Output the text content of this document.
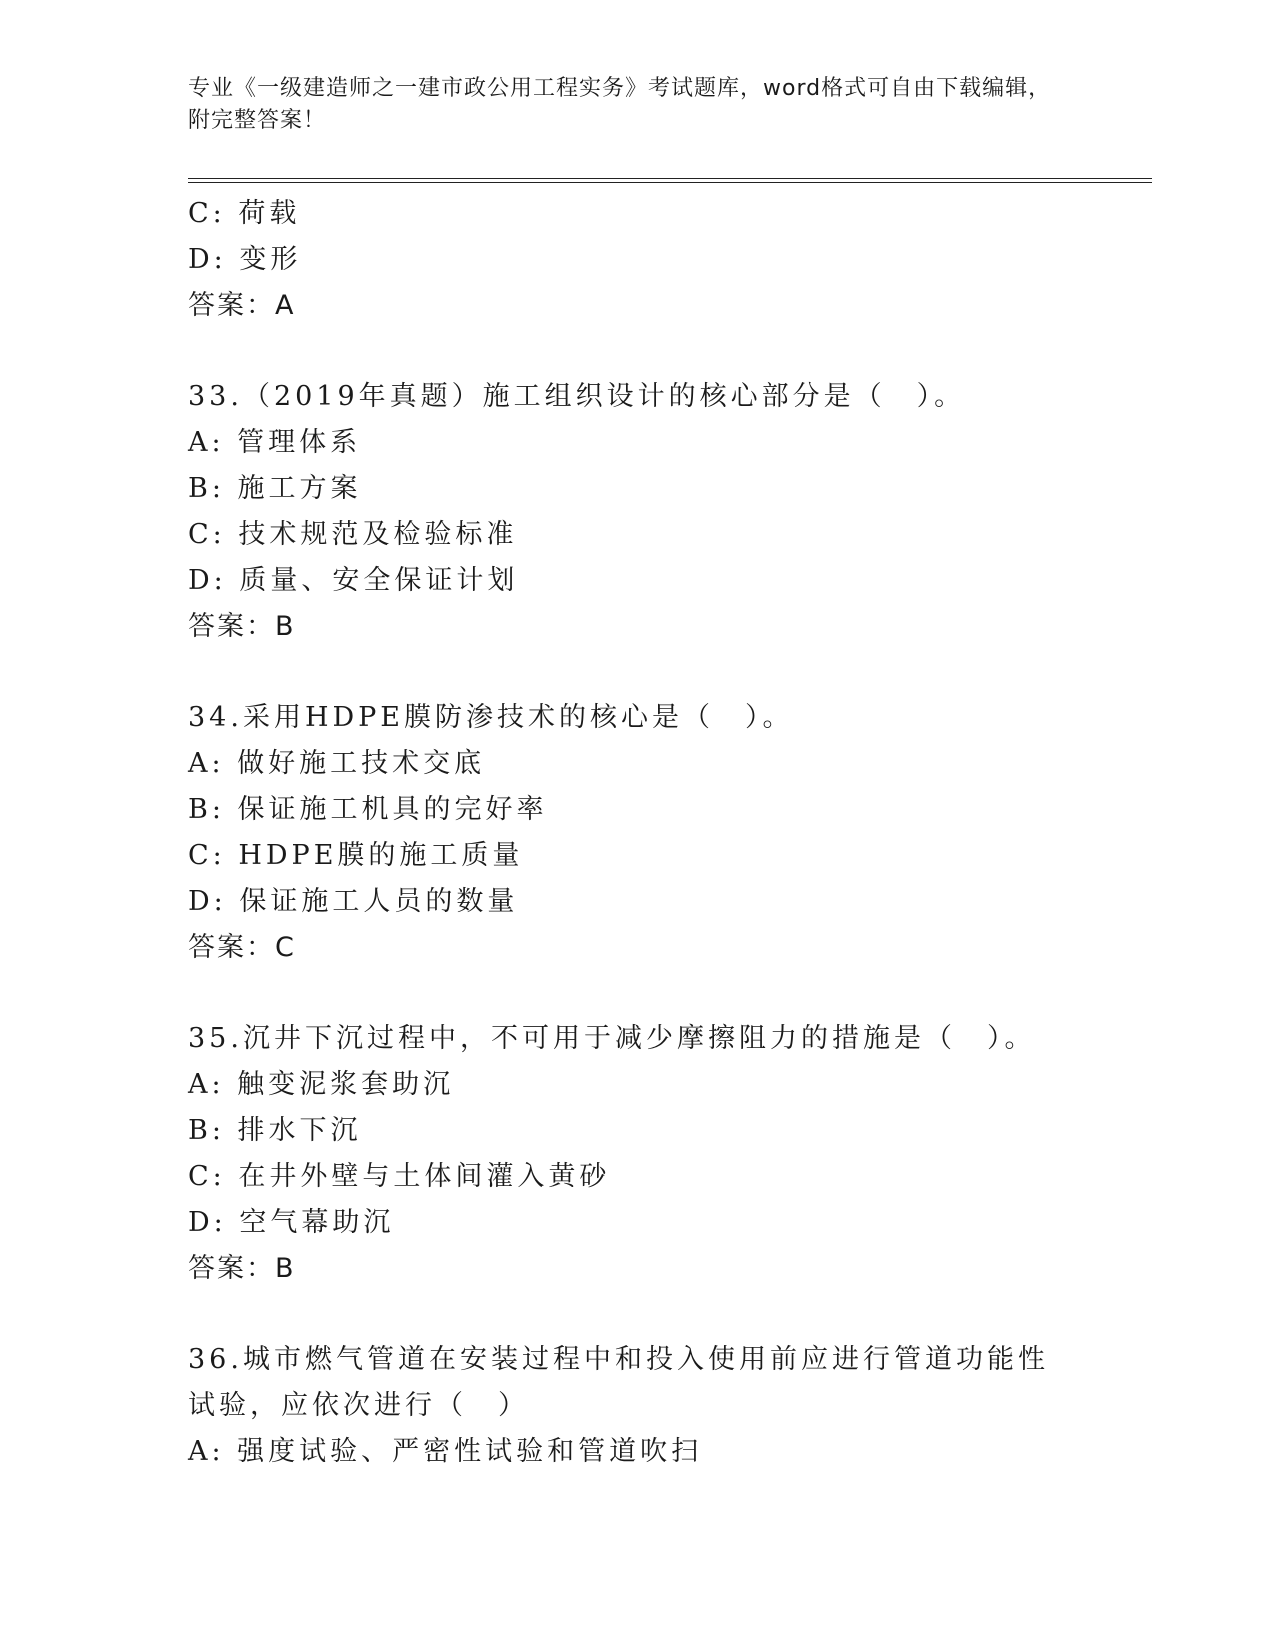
专业《一级建造师之一建市政公用工程实务》考试题库，word格式可自由下载编辑，附完整答案！
C: 荷载
D: 变形
答案：A
33.（2019年真题）施工组织设计的核心部分是（　）。
A: 管理体系
B: 施工方案
C: 技术规范及检验标准
D: 质量、安全保证计划
答案：B
34.采用HDPE膜防渗技术的核心是（　）。
A: 做好施工技术交底
B: 保证施工机具的完好率
C: HDPE膜的施工质量
D: 保证施工人员的数量
答案：C
35.沉井下沉过程中，不可用于减少摩擦阻力的措施是（　）。
A: 触变泥浆套助沉
B: 排水下沉
C: 在井外壁与土体间灌入黄砂
D: 空气幕助沉
答案：B
36.城市燃气管道在安装过程中和投入使用前应进行管道功能性试验，应依次进行（　）
A: 强度试验、严密性试验和管道吹扫
